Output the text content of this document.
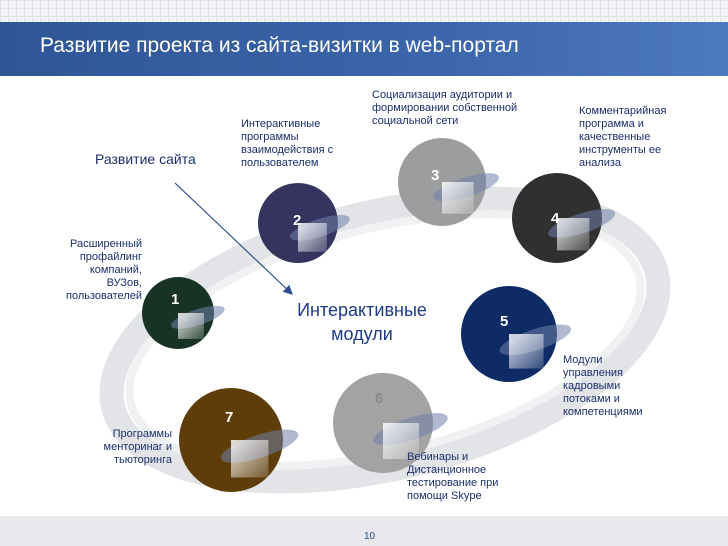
Развитие проекта из сайта-визитки в web-портал
Развитие сайта
Интерактивные модули
1
2
3
4
5
6
7
Расширенный
профайлинг
компаний,
ВУЗов,
пользователей
Интерактивные
программы
взаимодействия с
пользователем
Социализация аудитории и
формировании собственной
социальной сети
Комментарийная
программа и
качественные
инструменты ее
анализа
Модули
управления
кадровыми
потоками и
компетенциями
Вебинары и
Дистанционное
тестирование при
помощи Skype
Программы
менторинаг и
тьюторинга
10
